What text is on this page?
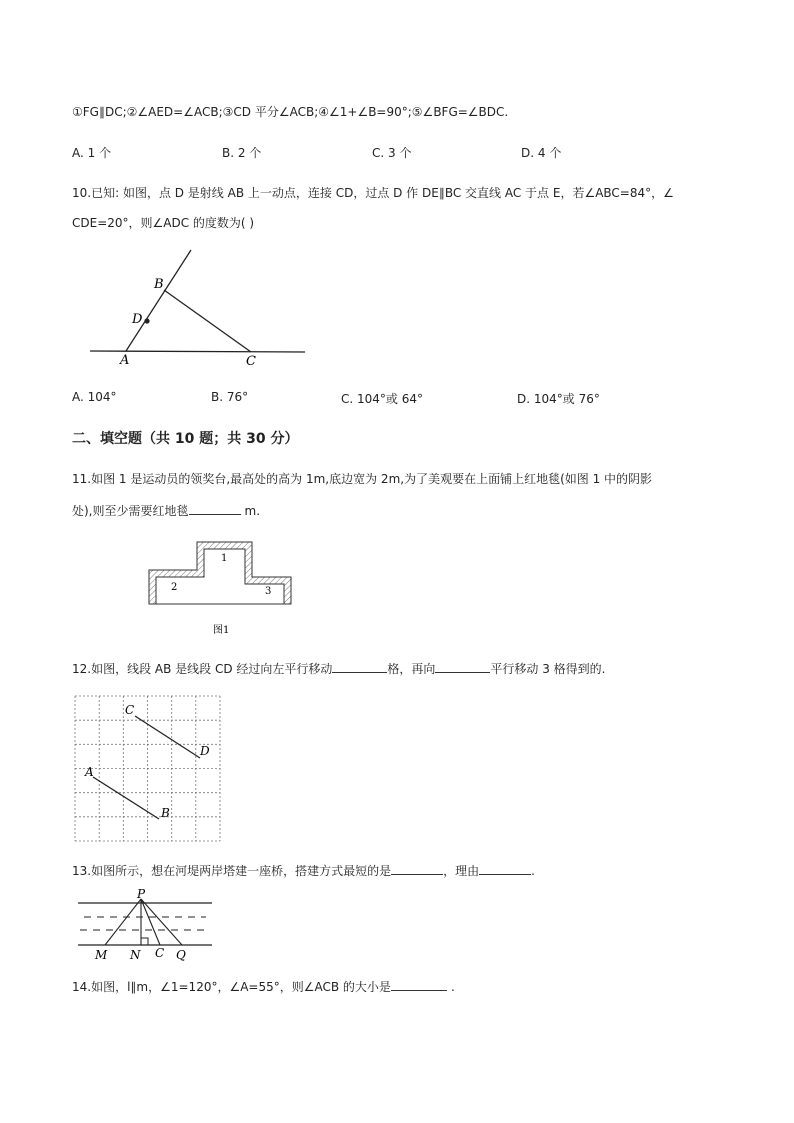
①FG∥DC;②∠AED=∠ACB;③CD 平分∠ACB;④∠1+∠B=90°;⑤∠BFG=∠BDC.
A. 1 个	B. 2 个	C. 3 个	D. 4 个
10.已知: 如图，点 D 是射线 AB 上一动点，连接 CD，过点 D 作 DE∥BC 交直线 AC 于点 E，若∠ABC=84°，∠
CDE=20°，则∠ADC 的度数为( )
B
D
A	C
A. 104°	B. 76°	C. 104°或 64°	D. 104°或 76°
二、填空题（共 10 题；共 30 分）
11.如图 1 是运动员的领奖台,最高处的高为 1m,底边宽为 2m,为了美观要在上面铺上红地毯(如图 1 中的阴影
处),则至少需要红地毯	m.
1
2	3
图1
12.如图，线段 AB 是线段 CD 经过向左平行移动	格，再向	平行移动 3 格得到的.
C
D
A
B
13.如图所示，想在河堤两岸塔建一座桥，搭建方式最短的是	，理由	.
P
M N C Q
14.如图，l∥m，∠1=120°，∠A=55°，则∠ACB 的大小是	.
